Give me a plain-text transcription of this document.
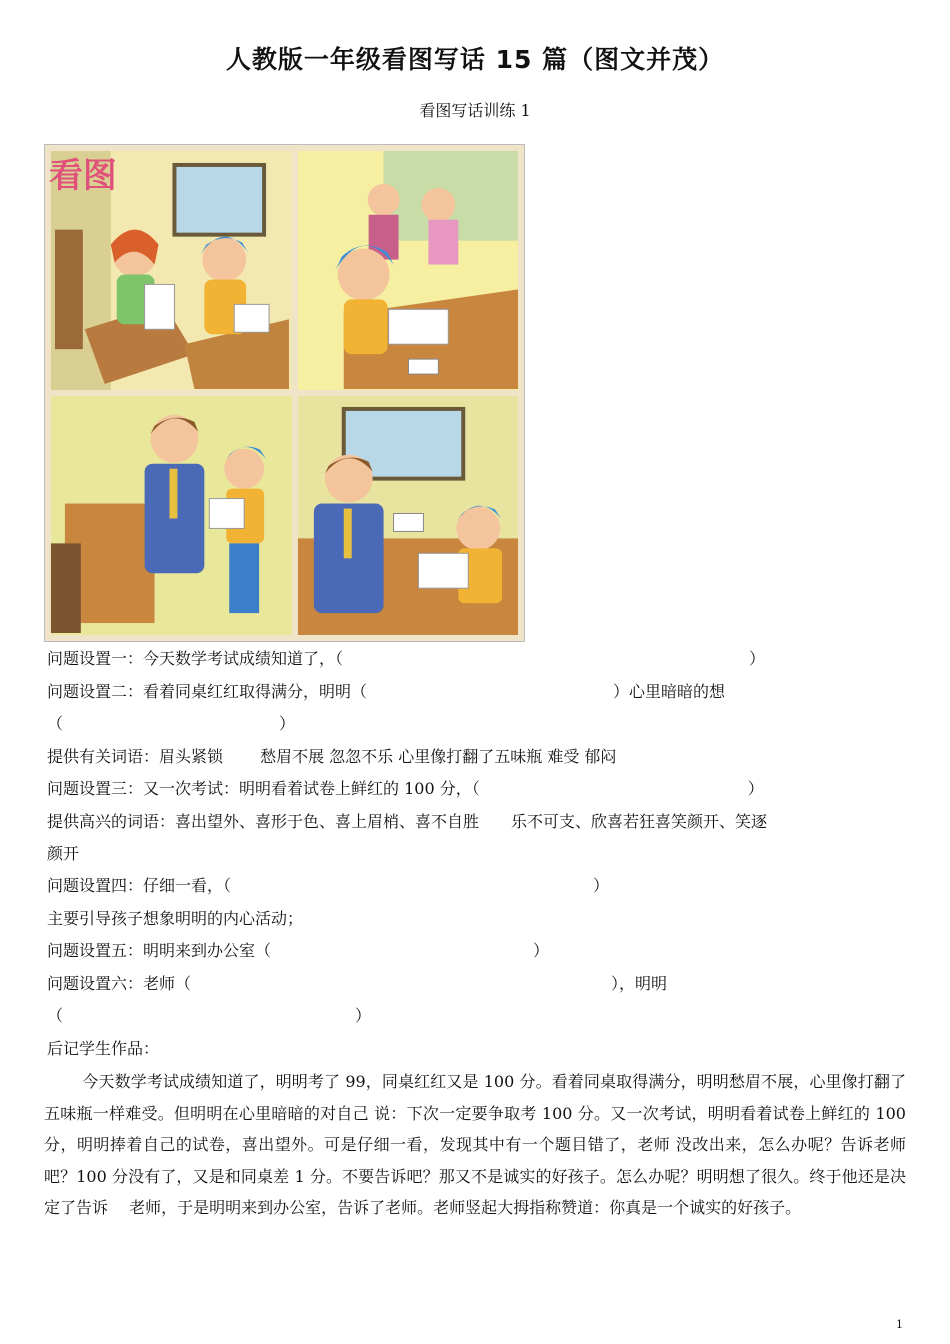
人教版一年级看图写话 15 篇（图文并茂）
看图写话训练 1
看图
问题设置一：今天数学考试成绩知道了，（	）
问题设置二：看着同桌红红取得满分，明明（	）心里暗暗的想
（	）
提供有关词语：眉头紧锁　　 愁眉不展 忽忽不乐 心里像打翻了五味瓶 难受 郁闷
问题设置三：又一次考试：明明看着试卷上鲜红的 100 分，（	）
提供高兴的词语：喜出望外、喜形于色、喜上眉梢、喜不自胜　　乐不可支、欣喜若狂喜笑颜开、笑逐
颜开
问题设置四：仔细一看，（	）
主要引导孩子想象明明的内心活动；
问题设置五：明明来到办公室（	）
问题设置六：老师（	），明明
（	）
后记学生作品：
今天数学考试成绩知道了，明明考了 99，同桌红红又是 100 分。看着同桌取得满分，明明愁眉不展，心里像打翻了五味瓶一样难受。但明明在心里暗暗的对自己 说：下次一定要争取考 100 分。又一次考试，明明看着试卷上鲜红的 100 分，明明捧着自己的试卷，喜出望外。可是仔细一看，发现其中有一个题目错了，老师 没改出来，怎么办呢？告诉老师吧？100 分没有了，又是和同桌差 1 分。不要告诉吧？那又不是诚实的好孩子。怎么办呢？明明想了很久。终于他还是决定了告诉　 老师，于是明明来到办公室，告诉了老师。老师竖起大拇指称赞道：你真是一个诚实的好孩子。
1
